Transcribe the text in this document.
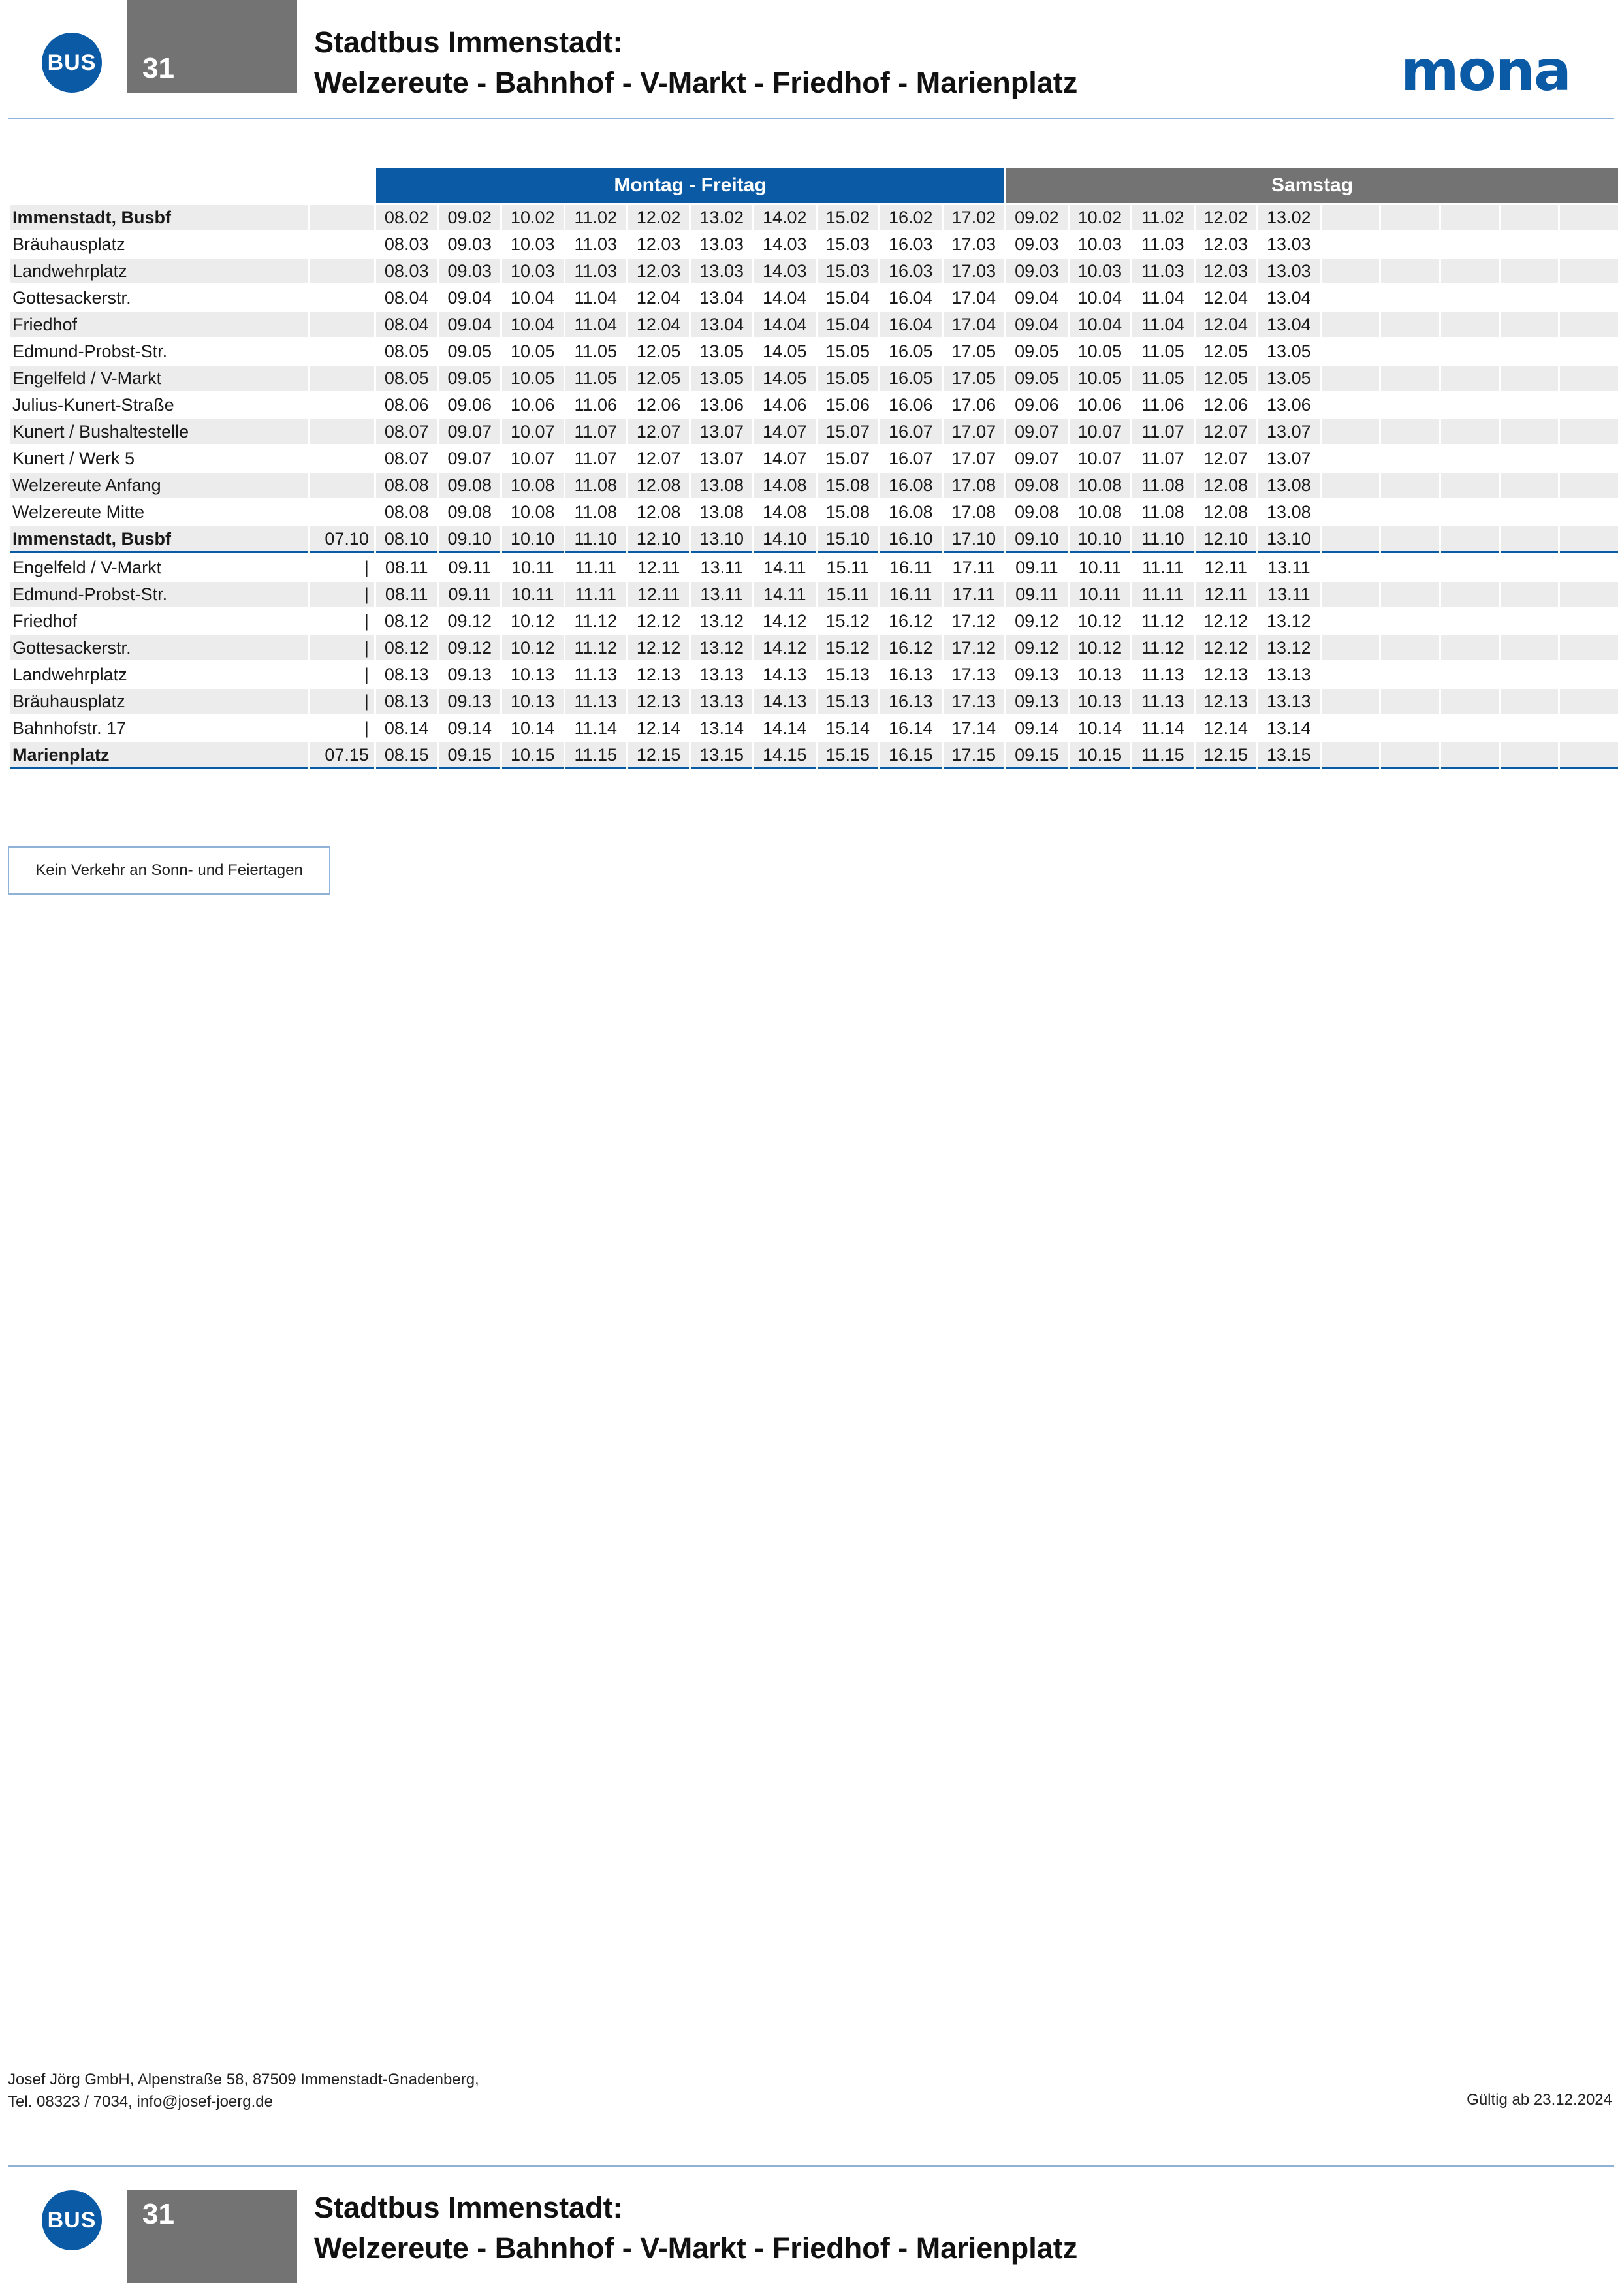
BUS 31
Stadtbus Immenstadt:
Welzereute - Bahnhof - V-Markt - Friedhof - Marienplatz	mona
		Montag - Freitag										Samstag									
Immenstadt, Busbf		08.02	09.02	10.02	11.02	12.02	13.02	14.02	15.02	16.02	17.02	09.02	10.02	11.02	12.02	13.02					
Bräuhausplatz		08.03	09.03	10.03	11.03	12.03	13.03	14.03	15.03	16.03	17.03	09.03	10.03	11.03	12.03	13.03					
Landwehrplatz		08.03	09.03	10.03	11.03	12.03	13.03	14.03	15.03	16.03	17.03	09.03	10.03	11.03	12.03	13.03					
Gottesackerstr.		08.04	09.04	10.04	11.04	12.04	13.04	14.04	15.04	16.04	17.04	09.04	10.04	11.04	12.04	13.04					
Friedhof		08.04	09.04	10.04	11.04	12.04	13.04	14.04	15.04	16.04	17.04	09.04	10.04	11.04	12.04	13.04					
Edmund-Probst-Str.		08.05	09.05	10.05	11.05	12.05	13.05	14.05	15.05	16.05	17.05	09.05	10.05	11.05	12.05	13.05					
Engelfeld / V-Markt		08.05	09.05	10.05	11.05	12.05	13.05	14.05	15.05	16.05	17.05	09.05	10.05	11.05	12.05	13.05					
Julius-Kunert-Straße		08.06	09.06	10.06	11.06	12.06	13.06	14.06	15.06	16.06	17.06	09.06	10.06	11.06	12.06	13.06					
Kunert / Bushaltestelle		08.07	09.07	10.07	11.07	12.07	13.07	14.07	15.07	16.07	17.07	09.07	10.07	11.07	12.07	13.07					
Kunert / Werk 5		08.07	09.07	10.07	11.07	12.07	13.07	14.07	15.07	16.07	17.07	09.07	10.07	11.07	12.07	13.07					
Welzereute Anfang		08.08	09.08	10.08	11.08	12.08	13.08	14.08	15.08	16.08	17.08	09.08	10.08	11.08	12.08	13.08					
Welzereute Mitte		08.08	09.08	10.08	11.08	12.08	13.08	14.08	15.08	16.08	17.08	09.08	10.08	11.08	12.08	13.08					
Immenstadt, Busbf	07.10	08.10	09.10	10.10	11.10	12.10	13.10	14.10	15.10	16.10	17.10	09.10	10.10	11.10	12.10	13.10					
Engelfeld / V-Markt	|	08.11	09.11	10.11	11.11	12.11	13.11	14.11	15.11	16.11	17.11	09.11	10.11	11.11	12.11	13.11					
Edmund-Probst-Str.	|	08.11	09.11	10.11	11.11	12.11	13.11	14.11	15.11	16.11	17.11	09.11	10.11	11.11	12.11	13.11					
Friedhof	|	08.12	09.12	10.12	11.12	12.12	13.12	14.12	15.12	16.12	17.12	09.12	10.12	11.12	12.12	13.12					
Gottesackerstr.	|	08.12	09.12	10.12	11.12	12.12	13.12	14.12	15.12	16.12	17.12	09.12	10.12	11.12	12.12	13.12					
Landwehrplatz	|	08.13	09.13	10.13	11.13	12.13	13.13	14.13	15.13	16.13	17.13	09.13	10.13	11.13	12.13	13.13					
Bräuhausplatz	|	08.13	09.13	10.13	11.13	12.13	13.13	14.13	15.13	16.13	17.13	09.13	10.13	11.13	12.13	13.13					
Bahnhofstr. 17	|	08.14	09.14	10.14	11.14	12.14	13.14	14.14	15.14	16.14	17.14	09.14	10.14	11.14	12.14	13.14					
Marienplatz	07.15	08.15	09.15	10.15	11.15	12.15	13.15	14.15	15.15	16.15	17.15	09.15	10.15	11.15	12.15	13.15					
Kein Verkehr an Sonn- und Feiertagen
Josef Jörg GmbH, Alpenstraße 58, 87509 Immenstadt-Gnadenberg,
Tel. 08323 / 7034, info@josef-joerg.de	Gültig ab 23.12.2024
BUS 31	Stadtbus Immenstadt:
Welzereute - Bahnhof - V-Markt - Friedhof - Marienplatz
